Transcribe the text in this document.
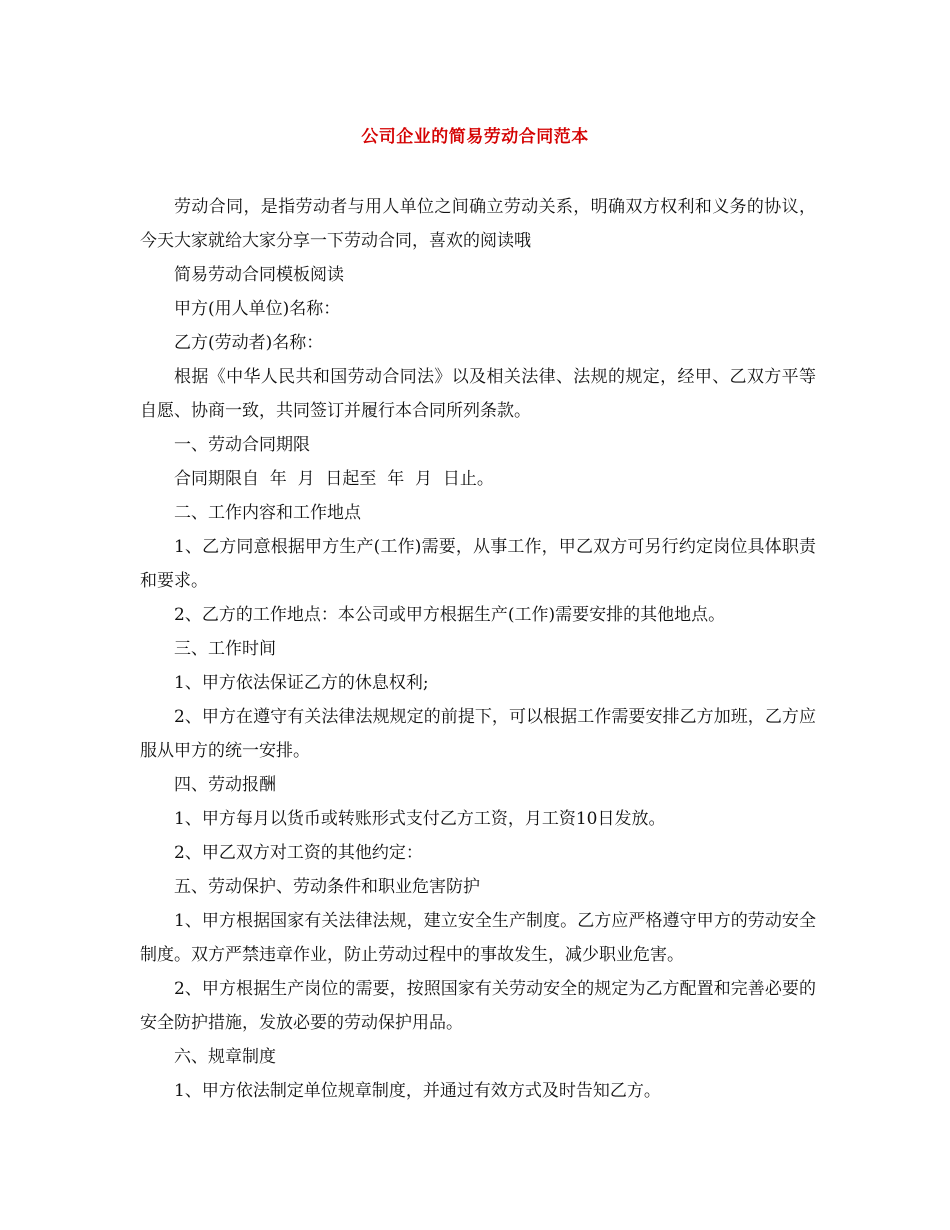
公司企业的简易劳动合同范本

劳动合同，是指劳动者与用人单位之间确立劳动关系，明确双方权利和义务的协议，今天大家就给大家分享一下劳动合同，喜欢的阅读哦

简易劳动合同模板阅读

甲方(用人单位)名称：

乙方(劳动者)名称：

根据《中华人民共和国劳动合同法》以及相关法律、法规的规定，经甲、乙双方平等自愿、协商一致，共同签订并履行本合同所列条款。

一、劳动合同期限

合同期限自  年  月  日起至  年  月  日止。

二、工作内容和工作地点

1、乙方同意根据甲方生产(工作)需要，从事工作，甲乙双方可另行约定岗位具体职责和要求。

2、乙方的工作地点：本公司或甲方根据生产(工作)需要安排的其他地点。

三、工作时间

1、甲方依法保证乙方的休息权利;

2、甲方在遵守有关法律法规规定的前提下，可以根据工作需要安排乙方加班，乙方应服从甲方的统一安排。

四、劳动报酬

1、甲方每月以货币或转账形式支付乙方工资，月工资10日发放。

2、甲乙双方对工资的其他约定：

五、劳动保护、劳动条件和职业危害防护

1、甲方根据国家有关法律法规，建立安全生产制度。乙方应严格遵守甲方的劳动安全制度。双方严禁违章作业，防止劳动过程中的事故发生，减少职业危害。

2、甲方根据生产岗位的需要，按照国家有关劳动安全的规定为乙方配置和完善必要的安全防护措施，发放必要的劳动保护用品。

六、规章制度

1、甲方依法制定单位规章制度，并通过有效方式及时告知乙方。
